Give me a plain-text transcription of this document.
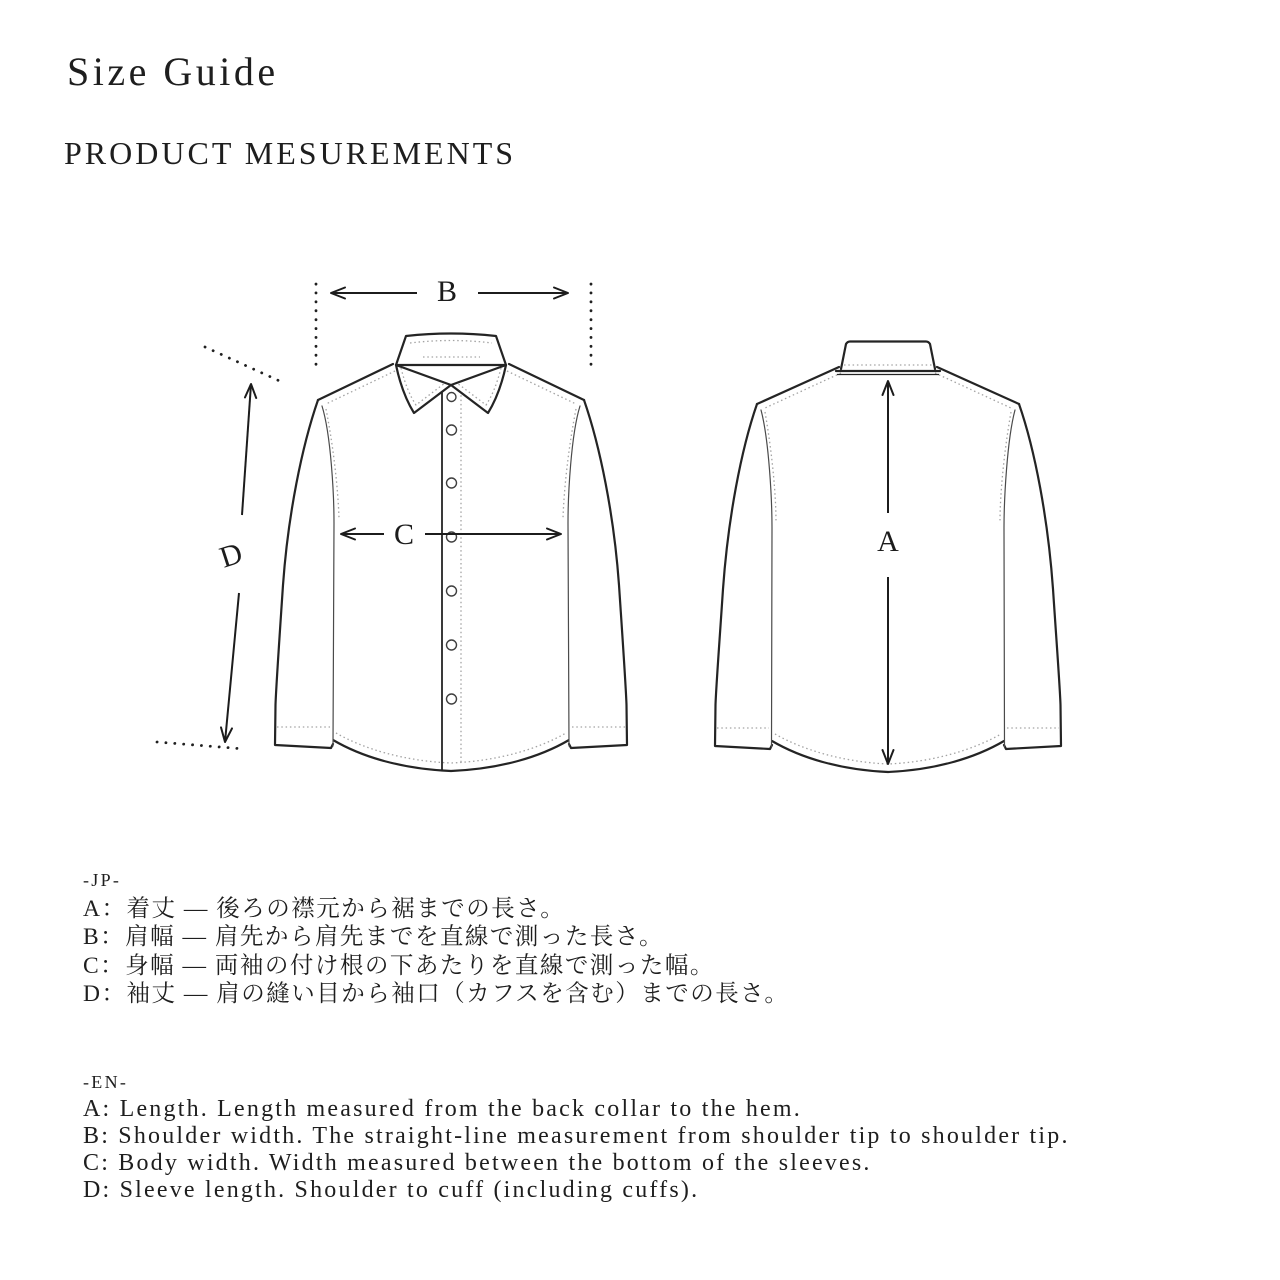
Size Guide
PRODUCT MESUREMENTS
B
C
D	A
-JP-
A：着丈 — 後ろの襟元から裾までの長さ。
B：肩幅 — 肩先から肩先までを直線で測った長さ。
C：身幅 — 両袖の付け根の下あたりを直線で測った幅。
D：袖丈 — 肩の縫い目から袖口（カフスを含む）までの長さ。
-EN-
A: Length. Length measured from the back collar to the hem.
B: Shoulder width. The straight-line measurement from shoulder tip to shoulder tip.
C: Body width. Width measured between the bottom of the sleeves.
D: Sleeve length. Shoulder to cuff (including cuffs).
